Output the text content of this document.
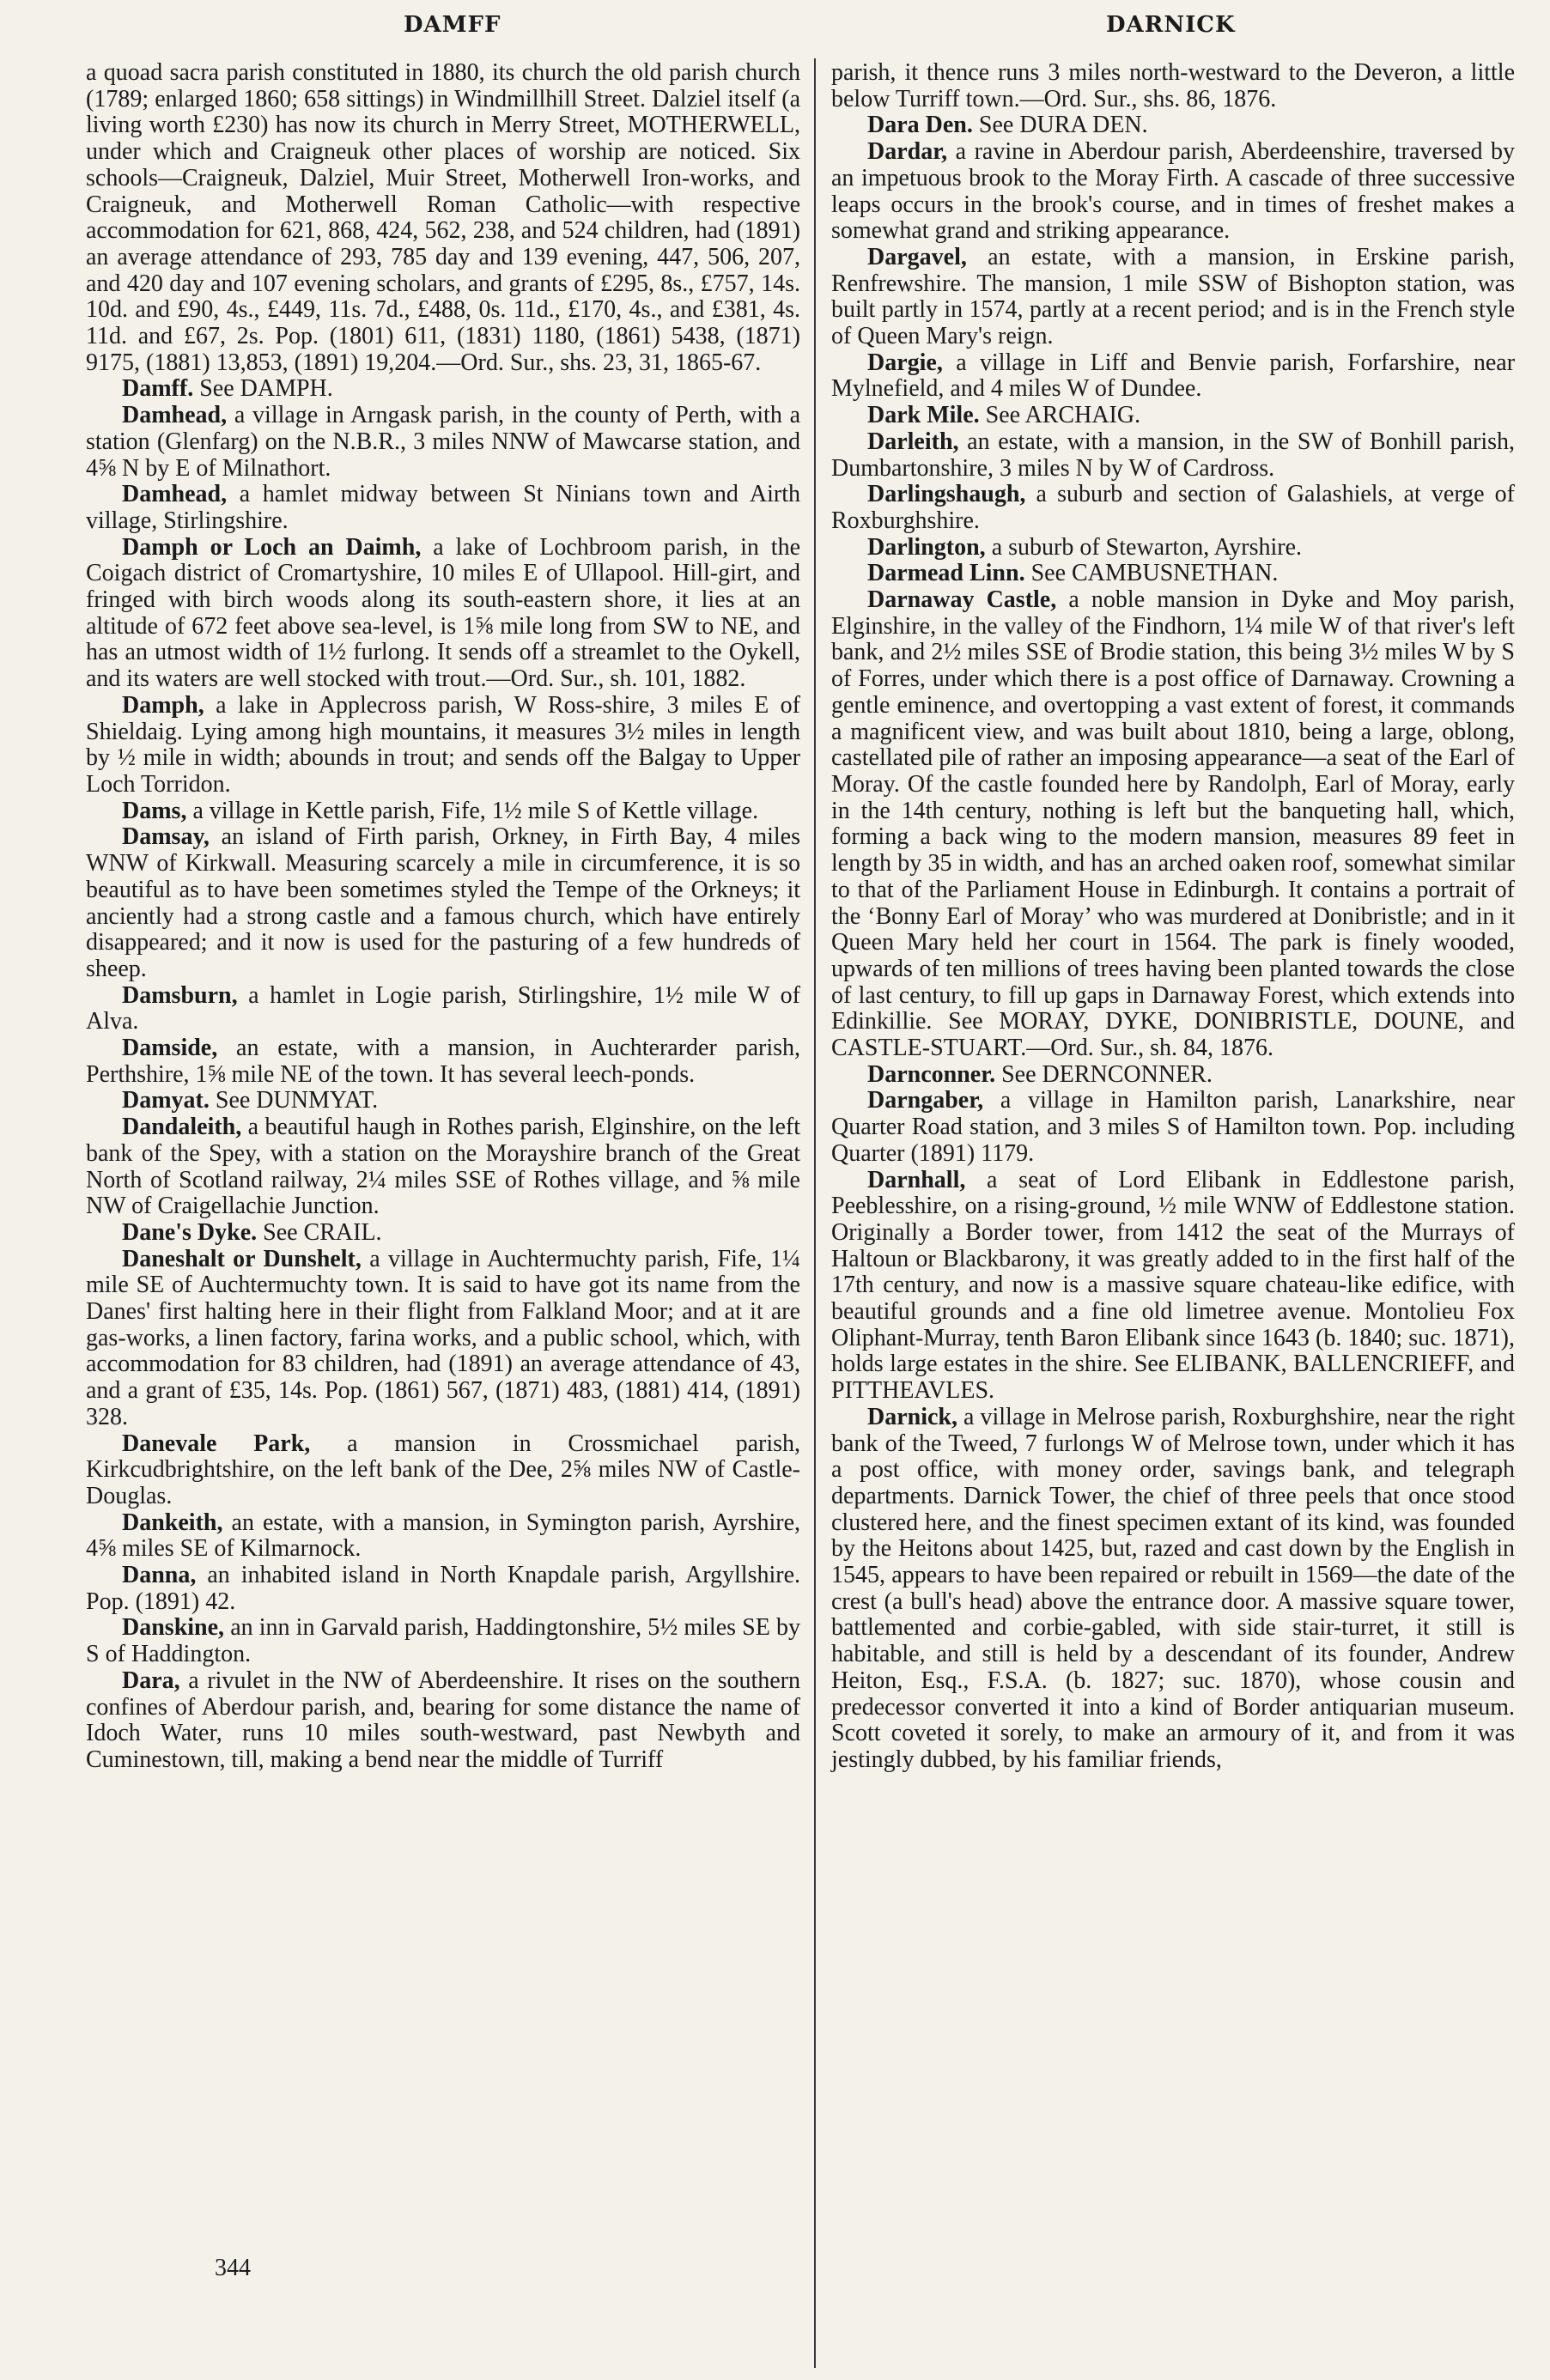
DAMFF	DARNICK

a quoad sacra parish constituted in 1880, its church the old parish church (1789; enlarged 1860; 658 sittings) in Windmillhill Street. Dalziel itself (a living worth £230) has now its church in Merry Street, MOTHERWELL, under which and Craigneuk other places of worship are noticed. Six schools—Craigneuk, Dalziel, Muir Street, Motherwell Iron-works, and Craigneuk, and Motherwell Roman Catholic—with respective accommodation for 621, 868, 424, 562, 238, and 524 children, had (1891) an average attendance of 293, 785 day and 139 evening, 447, 506, 207, and 420 day and 107 evening scholars, and grants of £295, 8s., £757, 14s. 10d. and £90, 4s., £449, 11s. 7d., £488, 0s. 11d., £170, 4s., and £381, 4s. 11d. and £67, 2s. Pop. (1801) 611, (1831) 1180, (1861) 5438, (1871) 9175, (1881) 13,853, (1891) 19,204.—Ord. Sur., shs. 23, 31, 1865-67.

Damff. See DAMPH.

Damhead, a village in Arngask parish, in the county of Perth, with a station (Glenfarg) on the N.B.R., 3 miles NNW of Mawcarse station, and 4⅝ N by E of Milnathort.

Damhead, a hamlet midway between St Ninians town and Airth village, Stirlingshire.

Damph or Loch an Daimh, a lake of Lochbroom parish, in the Coigach district of Cromartyshire, 10 miles E of Ullapool. Hill-girt, and fringed with birch woods along its south-eastern shore, it lies at an altitude of 672 feet above sea-level, is 1⅝ mile long from SW to NE, and has an utmost width of 1½ furlong. It sends off a streamlet to the Oykell, and its waters are well stocked with trout.—Ord. Sur., sh. 101, 1882.

Damph, a lake in Applecross parish, W Ross-shire, 3 miles E of Shieldaig. Lying among high mountains, it measures 3½ miles in length by ½ mile in width; abounds in trout; and sends off the Balgay to Upper Loch Torridon.

Dams, a village in Kettle parish, Fife, 1½ mile S of Kettle village.

Damsay, an island of Firth parish, Orkney, in Firth Bay, 4 miles WNW of Kirkwall. Measuring scarcely a mile in circumference, it is so beautiful as to have been sometimes styled the Tempe of the Orkneys; it anciently had a strong castle and a famous church, which have entirely disappeared; and it now is used for the pasturing of a few hundreds of sheep.

Damsburn, a hamlet in Logie parish, Stirlingshire, 1½ mile W of Alva.

Damside, an estate, with a mansion, in Auchterarder parish, Perthshire, 1⅝ mile NE of the town. It has several leech-ponds.

Damyat. See DUNMYAT.

Dandaleith, a beautiful haugh in Rothes parish, Elginshire, on the left bank of the Spey, with a station on the Morayshire branch of the Great North of Scotland railway, 2¼ miles SSE of Rothes village, and ⅝ mile NW of Craigellachie Junction.

Dane's Dyke. See CRAIL.

Daneshalt or Dunshelt, a village in Auchtermuchty parish, Fife, 1¼ mile SE of Auchtermuchty town. It is said to have got its name from the Danes' first halting here in their flight from Falkland Moor; and at it are gas-works, a linen factory, farina works, and a public school, which, with accommodation for 83 children, had (1891) an average attendance of 43, and a grant of £35, 14s. Pop. (1861) 567, (1871) 483, (1881) 414, (1891) 328.

Danevale Park, a mansion in Crossmichael parish, Kirkcudbrightshire, on the left bank of the Dee, 2⅝ miles NW of Castle-Douglas.

Dankeith, an estate, with a mansion, in Symington parish, Ayrshire, 4⅝ miles SE of Kilmarnock.

Danna, an inhabited island in North Knapdale parish, Argyllshire. Pop. (1891) 42.

Danskine, an inn in Garvald parish, Haddingtonshire, 5½ miles SE by S of Haddington.

Dara, a rivulet in the NW of Aberdeenshire. It rises on the southern confines of Aberdour parish, and, bearing for some distance the name of Idoch Water, runs 10 miles south-westward, past Newbyth and Cuminestown, till, making a bend near the middle of Turriff

parish, it thence runs 3 miles north-westward to the Deveron, a little below Turriff town.—Ord. Sur., shs. 86, 1876.

Dara Den. See DURA DEN.

Dardar, a ravine in Aberdour parish, Aberdeenshire, traversed by an impetuous brook to the Moray Firth. A cascade of three successive leaps occurs in the brook's course, and in times of freshet makes a somewhat grand and striking appearance.

Dargavel, an estate, with a mansion, in Erskine parish, Renfrewshire. The mansion, 1 mile SSW of Bishopton station, was built partly in 1574, partly at a recent period; and is in the French style of Queen Mary's reign.

Dargie, a village in Liff and Benvie parish, Forfarshire, near Mylnefield, and 4 miles W of Dundee.

Dark Mile. See ARCHAIG.

Darleith, an estate, with a mansion, in the SW of Bonhill parish, Dumbartonshire, 3 miles N by W of Cardross.

Darlingshaugh, a suburb and section of Galashiels, at verge of Roxburghshire.

Darlington, a suburb of Stewarton, Ayrshire.

Darmead Linn. See CAMBUSNETHAN.

Darnaway Castle, a noble mansion in Dyke and Moy parish, Elginshire, in the valley of the Findhorn, 1¼ mile W of that river's left bank, and 2½ miles SSE of Brodie station, this being 3½ miles W by S of Forres, under which there is a post office of Darnaway. Crowning a gentle eminence, and overtopping a vast extent of forest, it commands a magnificent view, and was built about 1810, being a large, oblong, castellated pile of rather an imposing appearance—a seat of the Earl of Moray. Of the castle founded here by Randolph, Earl of Moray, early in the 14th century, nothing is left but the banqueting hall, which, forming a back wing to the modern mansion, measures 89 feet in length by 35 in width, and has an arched oaken roof, somewhat similar to that of the Parliament House in Edinburgh. It contains a portrait of the ‘Bonny Earl of Moray’ who was murdered at Donibristle; and in it Queen Mary held her court in 1564. The park is finely wooded, upwards of ten millions of trees having been planted towards the close of last century, to fill up gaps in Darnaway Forest, which extends into Edinkillie. See MORAY, DYKE, DONIBRISTLE, DOUNE, and CASTLE-STUART.—Ord. Sur., sh. 84, 1876.

Darnconner. See DERNCONNER.

Darngaber, a village in Hamilton parish, Lanarkshire, near Quarter Road station, and 3 miles S of Hamilton town. Pop. including Quarter (1891) 1179.

Darnhall, a seat of Lord Elibank in Eddlestone parish, Peeblesshire, on a rising-ground, ½ mile WNW of Eddlestone station. Originally a Border tower, from 1412 the seat of the Murrays of Haltoun or Blackbarony, it was greatly added to in the first half of the 17th century, and now is a massive square chateau-like edifice, with beautiful grounds and a fine old limetree avenue. Montolieu Fox Oliphant-Murray, tenth Baron Elibank since 1643 (b. 1840; suc. 1871), holds large estates in the shire. See ELIBANK, BALLENCRIEFF, and PITTHEAVLES.

Darnick, a village in Melrose parish, Roxburghshire, near the right bank of the Tweed, 7 furlongs W of Melrose town, under which it has a post office, with money order, savings bank, and telegraph departments. Darnick Tower, the chief of three peels that once stood clustered here, and the finest specimen extant of its kind, was founded by the Heitons about 1425, but, razed and cast down by the English in 1545, appears to have been repaired or rebuilt in 1569—the date of the crest (a bull's head) above the entrance door. A massive square tower, battlemented and corbie-gabled, with side stair-turret, it still is habitable, and still is held by a descendant of its founder, Andrew Heiton, Esq., F.S.A. (b. 1827; suc. 1870), whose cousin and predecessor converted it into a kind of Border antiquarian museum. Scott coveted it sorely, to make an armoury of it, and from it was jestingly dubbed, by his familiar friends,

344
